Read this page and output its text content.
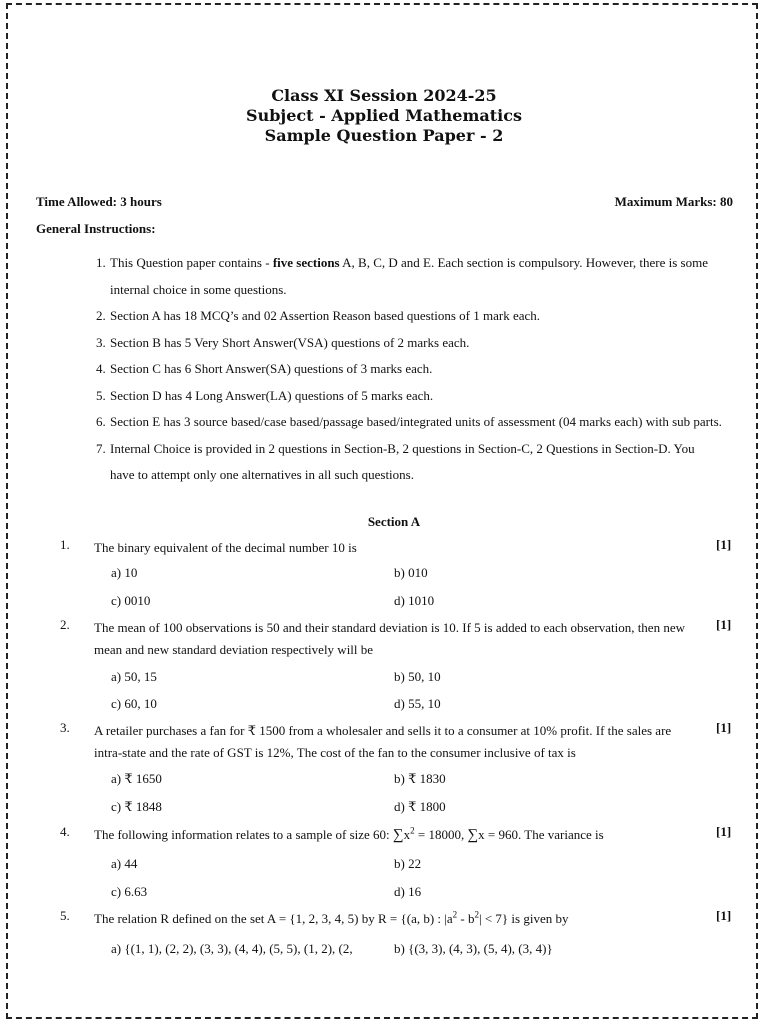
Class XI Session 2024-25
Subject - Applied Mathematics
Sample Question Paper - 2
Time Allowed: 3 hours	Maximum Marks: 80
General Instructions:
1. This Question paper contains - five sections A, B, C, D and E. Each section is compulsory. However, there is some internal choice in some questions.
2. Section A has 18 MCQ’s and 02 Assertion Reason based questions of 1 mark each.
3. Section B has 5 Very Short Answer(VSA) questions of 2 marks each.
4. Section C has 6 Short Answer(SA) questions of 3 marks each.
5. Section D has 4 Long Answer(LA) questions of 5 marks each.
6. Section E has 3 source based/case based/passage based/integrated units of assessment (04 marks each) with sub parts.
7. Internal Choice is provided in 2 questions in Section-B, 2 questions in Section-C, 2 Questions in Section-D. You have to attempt only one alternatives in all such questions.
Section A
1. The binary equivalent of the decimal number 10 is	[1]
a) 10	b) 010
c) 0010	d) 1010
2. The mean of 100 observations is 50 and their standard deviation is 10. If 5 is added to each observation, then new mean and new standard deviation respectively will be
[1]
a) 50, 15	b) 50, 10
c) 60, 10	d) 55, 10
3. A retailer purchases a fan for ₹ 1500 from a wholesaler and sells it to a consumer at 10% profit. If the sales are intra-state and the rate of GST is 12%, The cost of the fan to the consumer inclusive of tax is
[1]
a) ₹ 1650	b) ₹ 1830
c) ₹ 1848	d) ₹ 1800
4. The following information relates to a sample of size 60: $\sum x^2 = 18000$, ∑x = 960. The variance is	[1]
a) 44	b) 22
c) 6.63	d) 16
5. The relation R defined on the set A = {1, 2, 3, 4, 5) by R = {(a, b) : $|a^2 - b^2| < 7$} is given by	[1]
a) {(1, 1), (2, 2), (3, 3), (4, 4), (5, 5), (1, 2), (2,	b) {(3, 3), (4, 3), (5, 4), (3, 4)}
